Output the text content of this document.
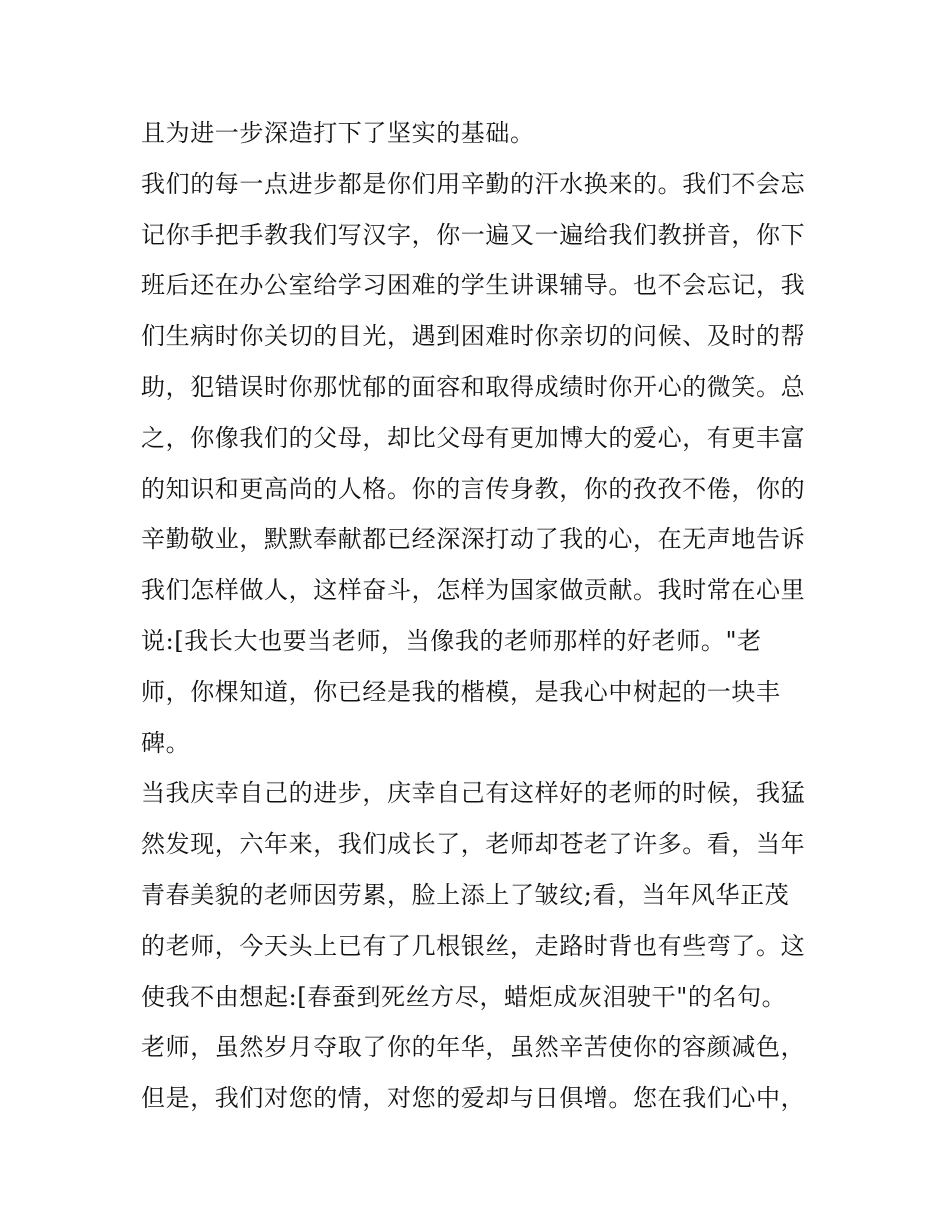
且为进一步深造打下了坚实的基础。
我们的每一点进步都是你们用辛勤的汗水换来的。我们不会忘
记你手把手教我们写汉字，你一遍又一遍给我们教拼音，你下
班后还在办公室给学习困难的学生讲课辅导。也不会忘记，我
们生病时你关切的目光，遇到困难时你亲切的问候、及时的帮
助，犯错误时你那忧郁的面容和取得成绩时你开心的微笑。总
之，你像我们的父母，却比父母有更加博大的爱心，有更丰富
的知识和更高尚的人格。你的言传身教，你的孜孜不倦，你的
辛勤敬业，默默奉献都已经深深打动了我的心，在无声地告诉
我们怎样做人，这样奋斗，怎样为国家做贡献。我时常在心里
说:[我长大也要当老师，当像我的老师那样的好老师。"老
师，你棵知道，你已经是我的楷模，是我心中树起的一块丰
碑。
当我庆幸自己的进步，庆幸自己有这样好的老师的时候，我猛
然发现，六年来，我们成长了，老师却苍老了许多。看，当年
青春美貌的老师因劳累，脸上添上了皱纹;看，当年风华正茂
的老师，今天头上已有了几根银丝，走路时背也有些弯了。这
使我不由想起:[春蚕到死丝方尽，蜡炬成灰泪驶干"的名句。
老师，虽然岁月夺取了你的年华，虽然辛苦使你的容颜减色，
但是，我们对您的情，对您的爱却与日俱增。您在我们心中，
